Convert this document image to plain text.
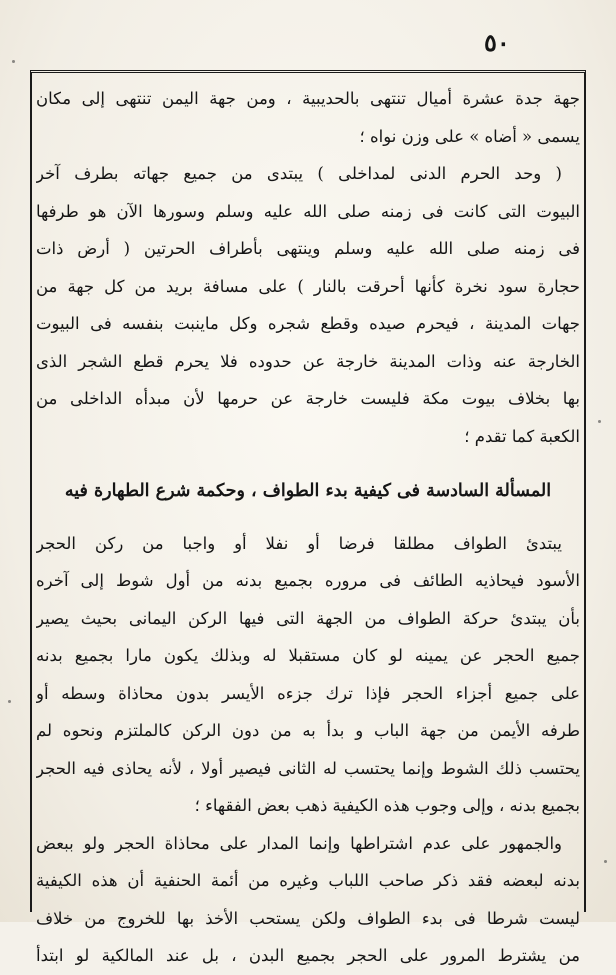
٥٠
جهة جدة عشرة أميال تنتهى بالحديبية ، ومن جهة اليمن تنتهى إلى مكان
يسمى « أضاه » على وزن نواه ؛
( وحد الحرم الدنى لمداخلى ) يبتدى من جميع جهاته بطرف آخر
البيوت التى كانت فى زمنه صلى الله عليه وسلم وسورها الآن هو طرفها
فى زمنه صلى الله عليه وسلم وينتهى بأطراف الحرتين ( أرض ذات
حجارة سود نخرة كأنها أحرقت بالنار ) على مسافة بريد من كل جهة من
جهات المدينة ، فيحرم صيده وقطع شجره وكل ماينبت بنفسه فى البيوت
الخارجة عنه وذات المدينة خارجة عن حدوده فلا يحرم قطع الشجر الذى
بها بخلاف بيوت مكة فليست خارجة عن حرمها لأن مبدأه الداخلى من
الكعبة كما تقدم ؛
المسألة السادسة فى كيفية بدء الطواف ، وحكمة شرع الطهارة فيه
يبتدئ الطواف مطلقا فرضا أو نفلا أو واجبا من ركن الحجر
الأسود فيحاذيه الطائف فى مروره بجميع بدنه من أول شوط إلى آخره
بأن يبتدئ حركة الطواف من الجهة التى فيها الركن اليمانى بحيث يصير
جميع الحجر عن يمينه لو كان مستقبلا له وبذلك يكون مارا بجميع بدنه
على جميع أجزاء الحجر فإذا ترك جزءه الأيسر بدون محاذاة وسطه أو
طرفه الأيمن من جهة الباب و بدأ به من دون الركن كالملتزم ونحوه لم
يحتسب ذلك الشوط وإنما يحتسب له الثانى فيصير أولا ، لأنه يحاذى فيه الحجر
بجميع بدنه ، وإلى وجوب هذه الكيفية ذهب بعض الفقهاء ؛
والجمهور على عدم اشتراطها وإنما المدار على محاذاة الحجر ولو ببعض
بدنه لبعضه فقد ذكر صاحب اللباب وغيره من أئمة الحنفية أن هذه الكيفية
ليست شرطا فى بدء الطواف ولكن يستحب الأخذ بها للخروج من خلاف
من يشترط المرور على الحجر بجميع البدن ، بل عند المالكية لو ابتدأ
